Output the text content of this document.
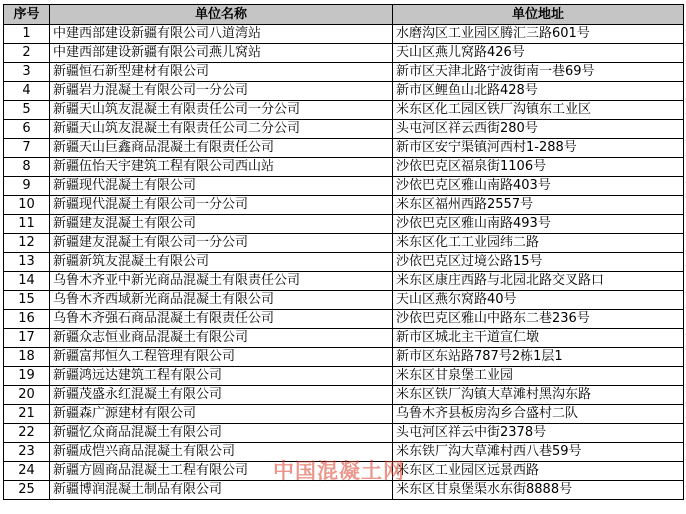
序号	单位名称	单位地址
1	中建西部建设新疆有限公司八道湾站	水磨沟区工业园区腾汇三路601号
2	中建西部建设新疆有限公司燕儿窝站	天山区燕儿窝路426号
3	新疆恒石新型建材有限公司	新市区天津北路宁波街南一巷69号
4	新疆岩力混凝土有限公司一分公司	新市区鲤鱼山北路428号
5	新疆天山筑友混凝土有限责任公司一分公司	米东区化工园区铁厂沟镇东工业区
6	新疆天山筑友混凝土有限责任公司二分公司	头屯河区祥云西街280号
7	新疆天山巨鑫商品混凝土有限责任公司	新市区安宁渠镇河西村1-288号
8	新疆伍怡天宇建筑工程有限公司西山站	沙依巴克区福泉街1106号
9	新疆现代混凝土有限公司	沙依巴克区雅山南路403号
10	新疆现代混凝土有限公司一分公司	米东区福州西路2557号
11	新疆建友混凝土有限公司	沙依巴克区雅山南路493号
12	新疆建友混凝土有限公司一分公司	米东区化工工业园纬二路
13	新疆新筑友混凝土有限公司	沙依巴克区过境公路15号
14	乌鲁木齐亚中新光商品混凝土有限责任公司	米东区康庄西路与北园北路交叉路口
15	乌鲁木齐西域新光商品混凝土有限公司	天山区燕尔窝路40号
16	乌鲁木齐强石商品混凝土有限责任公司	沙依巴克区雅山中路东二巷236号
17	新疆众志恒业商品混凝土有限公司	新市区城北主干道宣仁墩
18	新疆富邦恒久工程管理有限公司	新市区东站路787号2栋1层1
19	新疆鸿远达建筑工程有限公司	米东区甘泉堡工业园
20	新疆茂盛永红混凝土有限公司	米东区铁厂沟镇大草滩村黑沟东路
21	新疆森广源建材有限公司	乌鲁木齐县板房沟乡合盛村二队
22	新疆忆众商品混凝土有限公司	头屯河区祥云中街2378号
23	新疆成恺兴商品混凝土有限公司	米东铁厂沟大草滩村西八巷59号
24	新疆方圆商品混凝土工程有限公司	米东区工业园区远景西路
25	新疆博润混凝土制品有限公司	米东区甘泉堡渠水东街8888号
中国混凝土网
